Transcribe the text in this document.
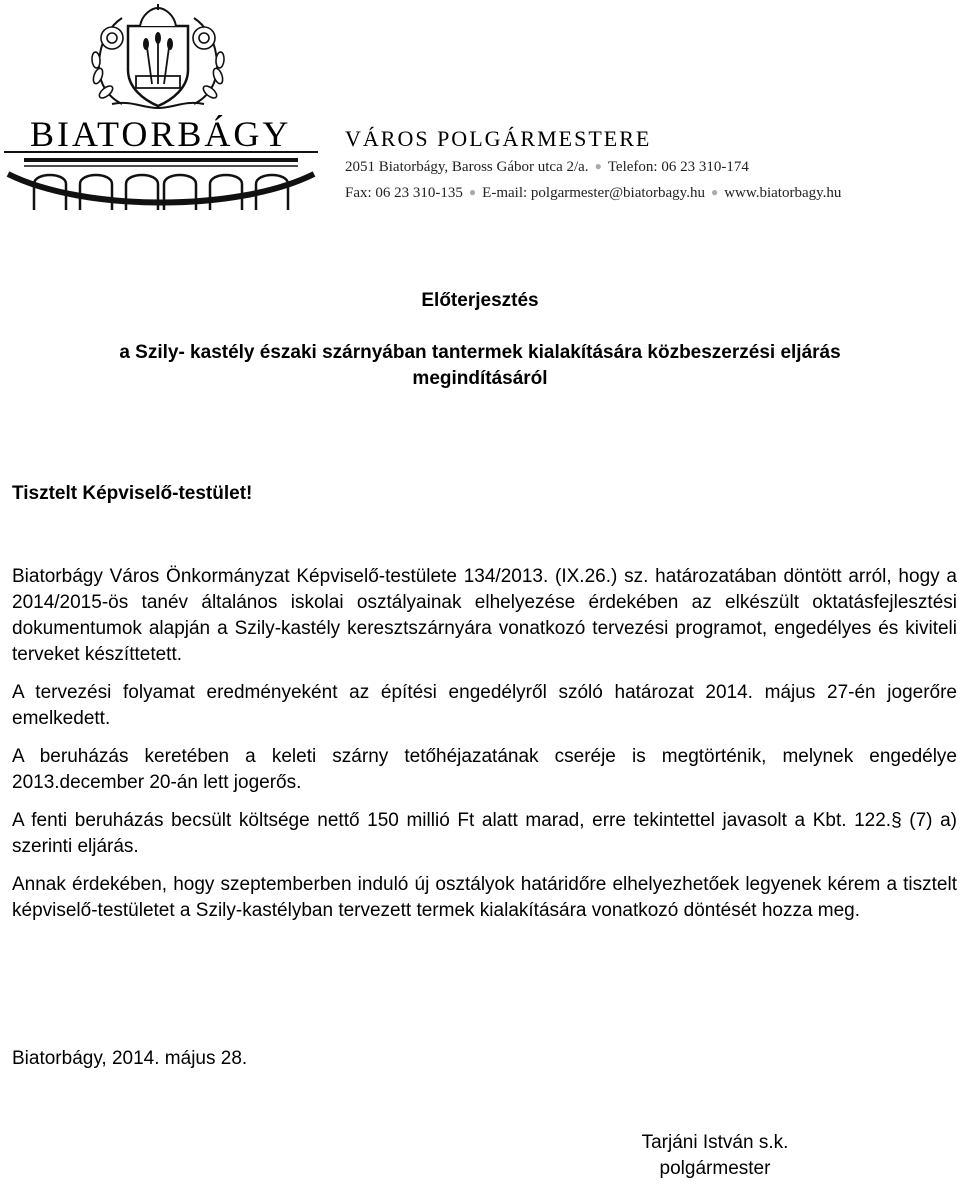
BIATORBÁGY	VÁROS POLGÁRMESTERE
2051 Biatorbágy, Baross Gábor utca 2/a. ● Telefon: 06 23 310-174
Fax: 06 23 310-135 ● E-mail: polgarmester@biatorbagy.hu ● www.biatorbagy.hu
Előterjesztés
a Szily- kastély északi szárnyában tantermek kialakítására közbeszerzési eljárás
megindításáról
Tisztelt Képviselő-testület!

Biatorbágy Város Önkormányzat Képviselő-testülete 134/2013. (IX.26.) sz. határozatában döntött arról, hogy a 2014/2015-ös tanév általános iskolai osztályainak elhelyezése érdekében az elkészült oktatásfejlesztési dokumentumok alapján a Szily-kastély keresztszárnyára vonatkozó tervezési programot, engedélyes és kiviteli terveket készíttetett.

A tervezési folyamat eredményeként az építési engedélyről szóló határozat 2014. május 27-én jogerőre emelkedett.

A beruházás keretében a keleti szárny tetőhéjazatának cseréje is megtörténik, melynek engedélye 2013.december 20-án lett jogerős.

A fenti beruházás becsült költsége nettő 150 millió Ft alatt marad, erre tekintettel javasolt a Kbt. 122.§ (7) a) szerinti eljárás.

Annak érdekében, hogy szeptemberben induló új osztályok határidőre elhelyezhetőek legyenek kérem a tisztelt képviselő-testületet a Szily-kastélyban tervezett termek kialakítására vonatkozó döntését hozza meg.

Biatorbágy, 2014. május 28.
Tarjáni István s.k.
polgármester
